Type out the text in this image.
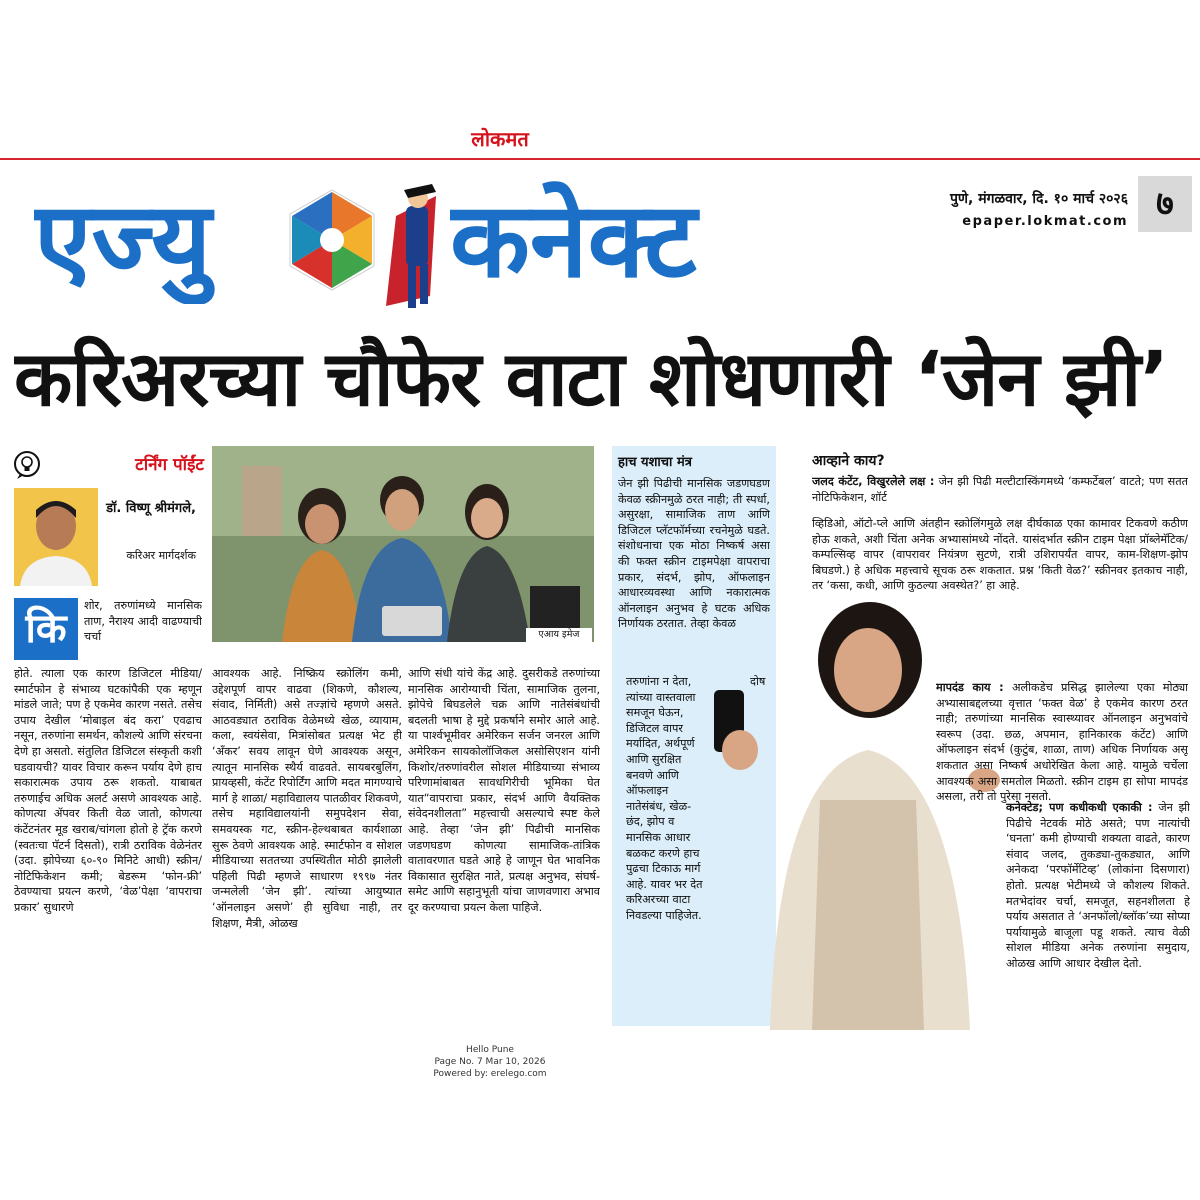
लोकमत
एज्यु	कनेक्ट	पुणे, मंगळवार, दि. १० मार्च २०२६
epaper.lokmat.com ७
करिअरच्या चौफेर वाटा शोधणारी ‘जेन झी’
टर्निंग पॉईंट
डॉ. विष्णू श्रीमंगले,
करिअर मार्गदर्शक
कि
शोर, तरुणांमध्ये मानसिक ताण, नैराश्य आदी वाढण्याची चर्चा
होते. त्याला एक कारण डिजिटल मीडिया/स्मार्टफोन हे संभाव्य घटकांपैकी एक म्हणून मांडले जाते; पण हे एकमेव कारण नसते. तसेच उपाय देखील ‘मोबाइल बंद करा’ एवढाच नसून, तरुणांना समर्थन, कौशल्ये आणि संरचना देणे हा असतो. संतुलित डिजिटल संस्कृती कशी घडवायची? यावर विचार करून पर्याय देणे हाच सकारात्मक उपाय ठरू शकतो. याबाबत तरुणाईच अधिक अलर्ट असणे आवश्यक आहे. कोणत्या ॲपवर किती वेळ जातो, कोणत्या कंटेंटनंतर मूड खराब/चांगला होतो हे ट्रॅक करणे (स्वतःचा पॅटर्न दिसतो), रात्री ठराविक वेळेनंतर (उदा. झोपेच्या ६०-९० मिनिटे आधी) स्क्रीन/नोटिफिकेशन कमी; बेडरूम ‘फोन-फ्री’ ठेवण्याचा प्रयत्न करणे, ‘वेळ’पेक्षा ‘वापराचा प्रकार’ सुधारणे
एआय इमेज
आवश्यक आहे. निष्क्रिय स्क्रोलिंग कमी, उद्देशपूर्ण वापर वाढवा (शिकणे, कौशल्य, संवाद, निर्मिती) असे तज्ज्ञांचे म्हणणे असते. आठवड्यात ठराविक वेळेमध्ये खेळ, व्यायाम, कला, स्वयंसेवा, मित्रांसोबत प्रत्यक्ष भेट ही ‘अँकर’ सवय लावून घेणे आवश्यक असून, त्यातून मानसिक स्थैर्य वाढवते. सायबरबुलिंग, प्रायव्हसी, कंटेंट रिपोर्टिंग आणि मदत मागण्याचे मार्ग हे शाळा/ महाविद्यालय पातळीवर शिकवणे, तसेच महाविद्यालयांनी समुपदेशन सेवा, समवयस्क गट, स्क्रीन-हेल्थबाबत कार्यशाळा सुरू ठेवणे आवश्यक आहे. स्मार्टफोन व सोशल मीडियाच्या सततच्या उपस्थितीत मोठी झालेली पहिली पिढी म्हणजे साधारण १९९७ नंतर जन्मलेली ‘जेन झी’. त्यांच्या आयुष्यात ‘ऑनलाइन असणे’ ही सुविधा नाही, तर शिक्षण, मैत्री, ओळख
आणि संधी यांचे केंद्र आहे. दुसरीकडे तरुणांच्या मानसिक आरोग्याची चिंता, सामाजिक तुलना, झोपेचे बिघडलेले चक्र आणि नातेसंबंधांची बदलती भाषा हे मुद्दे प्रकर्षाने समोर आले आहे. या पार्श्वभूमीवर अमेरिकन सर्जन जनरल आणि अमेरिकन सायकोलॉजिकल असोसिएशन यांनी किशोर/तरुणांवरील सोशल मीडियाच्या संभाव्य परिणामांबाबत सावधगिरीची भूमिका घेत यात“वापराचा प्रकार, संदर्भ आणि वैयक्तिक संवेदनशीलता” महत्त्वाची असल्याचे स्पष्ट केले आहे. तेव्हा ‘जेन झी’ पिढीची मानसिक जडणघडण कोणत्या सामाजिक-तांत्रिक वातावरणात घडते आहे हे जाणून घेत भावनिक विकासात सुरक्षित नाते, प्रत्यक्ष अनुभव, संघर्ष-समेट आणि सहानुभूती यांचा जाणवणारा अभाव दूर करण्याचा प्रयत्न केला पाहिजे.
हाच यशाचा मंत्र
जेन झी पिढीची मानसिक जडणघडण केवळ स्क्रीनमुळे ठरत नाही; ती स्पर्धा, असुरक्षा, सामाजिक ताण आणि डिजिटल प्लॅटफॉर्मच्या रचनेमुळे घडते. संशोधनाचा एक मोठा निष्कर्ष असा की फक्त स्क्रीन टाइमपेक्षा वापराचा प्रकार, संदर्भ, झोप, ऑफलाइन आधारव्यवस्था आणि नकारात्मक ऑनलाइन अनुभव हे घटक अधिक निर्णायक ठरतात. तेव्हा केवळ
तरुणांना न देता, त्यांच्या वास्तवाला समजून घेऊन, डिजिटल वापर मर्यादित, अर्थपूर्ण आणि सुरक्षित बनवणे आणि ऑफलाइन नातेसंबंध, खेळ-छंद, झोप व मानसिक आधार बळकट करणे हाच पुढचा टिकाऊ मार्ग आहे. यावर भर देत करिअरच्या वाटा निवडल्या पाहिजेत.
दोष
आव्हाने काय?
जलद कंटेंट, विखुरलेले लक्ष : जेन झी पिढी मल्टीटास्किंगमध्ये ‘कम्फर्टेबल’ वाटते; पण सतत नोटिफिकेशन, शॉर्ट
व्हिडिओ, ऑटो-प्ले आणि अंतहीन स्क्रोलिंगमुळे लक्ष दीर्घकाळ एका कामावर टिकवणे कठीण होऊ शकते, अशी चिंता अनेक अभ्यासांमध्ये नोंदते. यासंदर्भात स्क्रीन टाइम पेक्षा प्रॉब्लेमॅटिक/कम्पल्सिव्ह वापर (वापरावर नियंत्रण सुटणे, रात्री उशिरापर्यंत वापर, काम-शिक्षण-झोप बिघडणे.) हे अधिक महत्त्वाचे सूचक ठरू शकतात. प्रश्न ‘किती वेळ?’ स्क्रीनवर इतकाच नाही, तर ‘कसा, कधी, आणि कुठल्या अवस्थेत?’ हा आहे.
मापदंड काय : अलीकडेच प्रसिद्ध झालेल्या एका मोठ्या अभ्यासाबद्दलच्या वृत्तात ‘फक्त वेळ’ हे एकमेव कारण ठरत नाही; तरुणांच्या मानसिक स्वास्थ्यावर ऑनलाइन अनुभवांचे स्वरूप (उदा. छळ, अपमान, हानिकारक कंटेंट) आणि ऑफलाइन संदर्भ (कुटुंब, शाळा, ताण) अधिक निर्णायक असू शकतात असा निष्कर्ष अधोरेखित केला आहे. यामुळे चर्चेला आवश्यक असा समतोल मिळतो. स्क्रीन टाइम हा सोपा मापदंड असला, तरी तो पुरेसा नसतो.
कनेक्टेड; पण कधीकधी एकाकी : जेन झी पिढीचे नेटवर्क मोठे असते; पण नात्यांची ‘घनता’ कमी होण्याची शक्यता वाढते, कारण संवाद जलद, तुकड्या-तुकड्यात, आणि अनेकदा ‘परफॉर्मेटिव्ह’ (लोकांना दिसणारा) होतो. प्रत्यक्ष भेटीमध्ये जे कौशल्य शिकते. मतभेदांवर चर्चा, समजूत, सहनशीलता हे पर्याय असतात ते ‘अनफॉलो/ब्लॉक’च्या सोप्या पर्यायामुळे बाजूला पडू शकते. त्याच वेळी सोशल मीडिया अनेक तरुणांना समुदाय, ओळख आणि आधार देखील देतो.
Hello Pune
Page No. 7 Mar 10, 2026
Powered by: erelego.com
